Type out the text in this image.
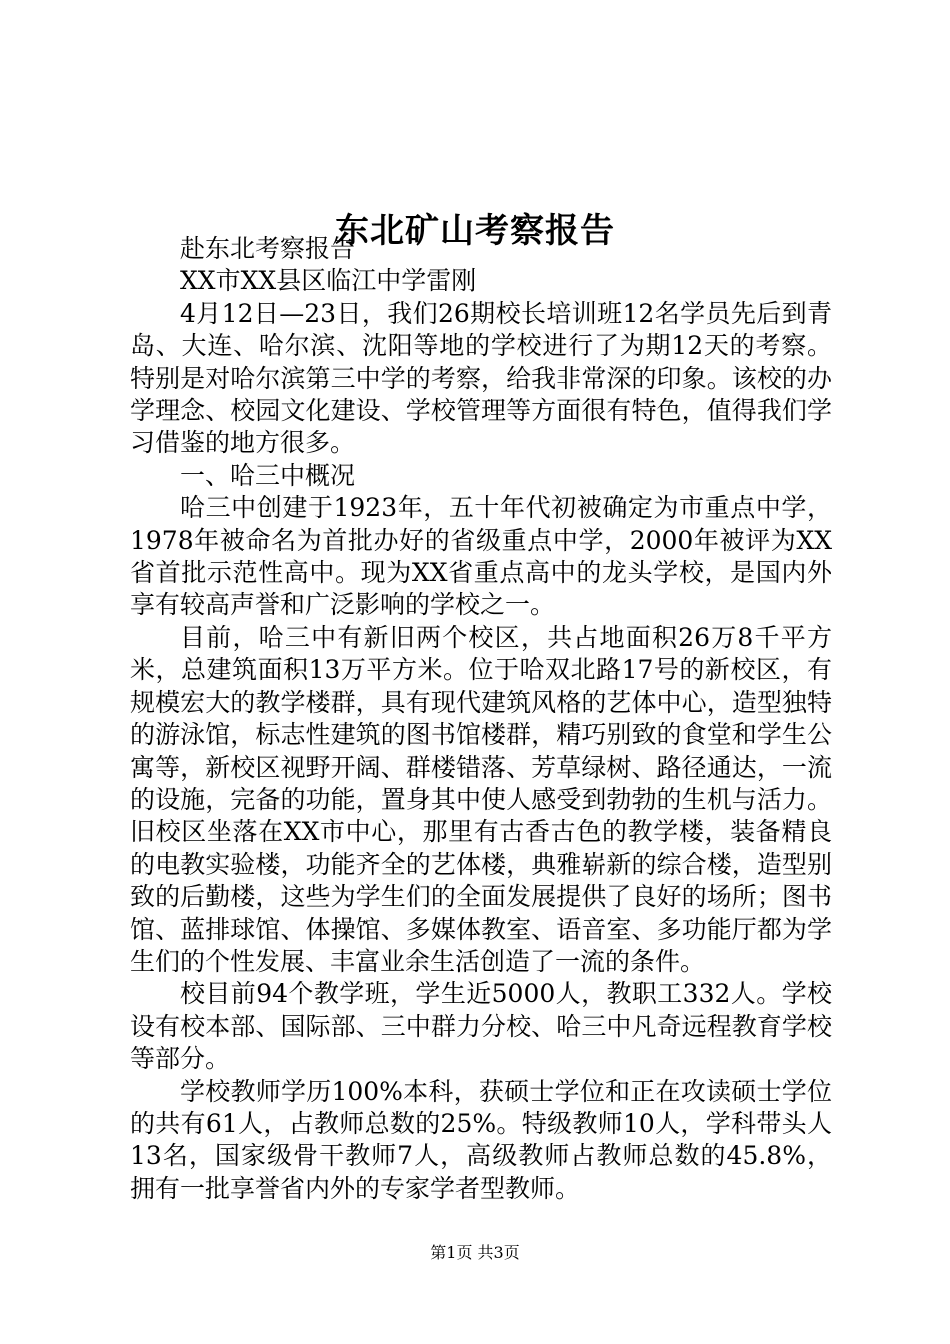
东北矿山考察报告

赴东北考察报告

XX市XX县区临江中学雷刚

4月12日—23日，我们26期校长培训班12名学员先后到青岛、大连、哈尔滨、沈阳等地的学校进行了为期12天的考察。特别是对哈尔滨第三中学的考察，给我非常深的印象。该校的办学理念、校园文化建设、学校管理等方面很有特色，值得我们学习借鉴的地方很多。

一、哈三中概况

哈三中创建于1923年，五十年代初被确定为市重点中学，1978年被命名为首批办好的省级重点中学，2000年被评为XX省首批示范性高中。现为XX省重点高中的龙头学校，是国内外享有较高声誉和广泛影响的学校之一。

目前，哈三中有新旧两个校区，共占地面积26万8千平方米，总建筑面积13万平方米。位于哈双北路17号的新校区，有规模宏大的教学楼群，具有现代建筑风格的艺体中心，造型独特的游泳馆，标志性建筑的图书馆楼群，精巧别致的食堂和学生公寓等，新校区视野开阔、群楼错落、芳草绿树、路径通达，一流的设施，完备的功能，置身其中使人感受到勃勃的生机与活力。旧校区坐落在XX市中心，那里有古香古色的教学楼，装备精良的电教实验楼，功能齐全的艺体楼，典雅崭新的综合楼，造型别致的后勤楼，这些为学生们的全面发展提供了良好的场所；图书馆、蓝排球馆、体操馆、多媒体教室、语音室、多功能厅都为学生们的个性发展、丰富业余生活创造了一流的条件。

校目前94个教学班，学生近5000人，教职工332人。学校设有校本部、国际部、三中群力分校、哈三中凡奇远程教育学校等部分。

学校教师学历100%本科，获硕士学位和正在攻读硕士学位的共有61人，占教师总数的25%。特级教师10人，学科带头人13名，国家级骨干教师7人，高级教师占教师总数的45.8%，拥有一批享誉省内外的专家学者型教师。

第1页 共3页
